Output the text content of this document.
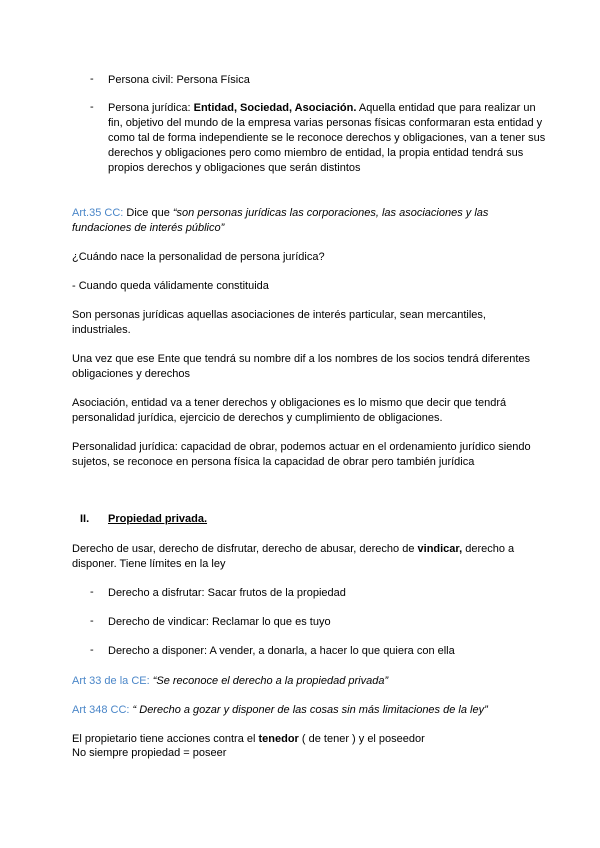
- Persona civil: Persona Física

- Persona jurídica: Entidad, Sociedad, Asociación. Aquella entidad que para realizar un fin, objetivo del mundo de la empresa varias personas físicas conformaran esta entidad y como tal de forma independiente se le reconoce derechos y obligaciones, van a tener sus derechos y obligaciones pero como miembro de entidad, la propia entidad tendrá sus propios derechos y obligaciones que serán distintos

Art.35 CC: Dice que “son personas jurídicas las corporaciones, las asociaciones y las fundaciones de interés público”

¿Cuándo nace la personalidad de persona jurídica?

- Cuando queda válidamente constituida

Son personas jurídicas aquellas asociaciones de interés particular, sean mercantiles, industriales.

Una vez que ese Ente que tendrá su nombre dif a los nombres de los socios tendrá diferentes obligaciones y derechos

Asociación, entidad va a tener derechos y obligaciones es lo mismo que decir que tendrá personalidad jurídica, ejercicio de derechos y cumplimiento de obligaciones.

Personalidad jurídica: capacidad de obrar, podemos actuar en el ordenamiento jurídico siendo sujetos, se reconoce en persona física la capacidad de obrar pero también jurídica

II. Propiedad privada.

Derecho de usar, derecho de disfrutar, derecho de abusar, derecho de vindicar, derecho a disponer. Tiene límites en la ley

- Derecho a disfrutar: Sacar frutos de la propiedad

- Derecho de vindicar: Reclamar lo que es tuyo

- Derecho a disponer: A vender, a donarla, a hacer lo que quiera con ella

Art 33 de la CE: “Se reconoce el derecho a la propiedad privada”

Art 348 CC: “ Derecho a gozar y disponer de las cosas sin más limitaciones de la ley”

El propietario tiene acciones contra el tenedor ( de tener ) y el poseedor

No siempre propiedad = poseer
